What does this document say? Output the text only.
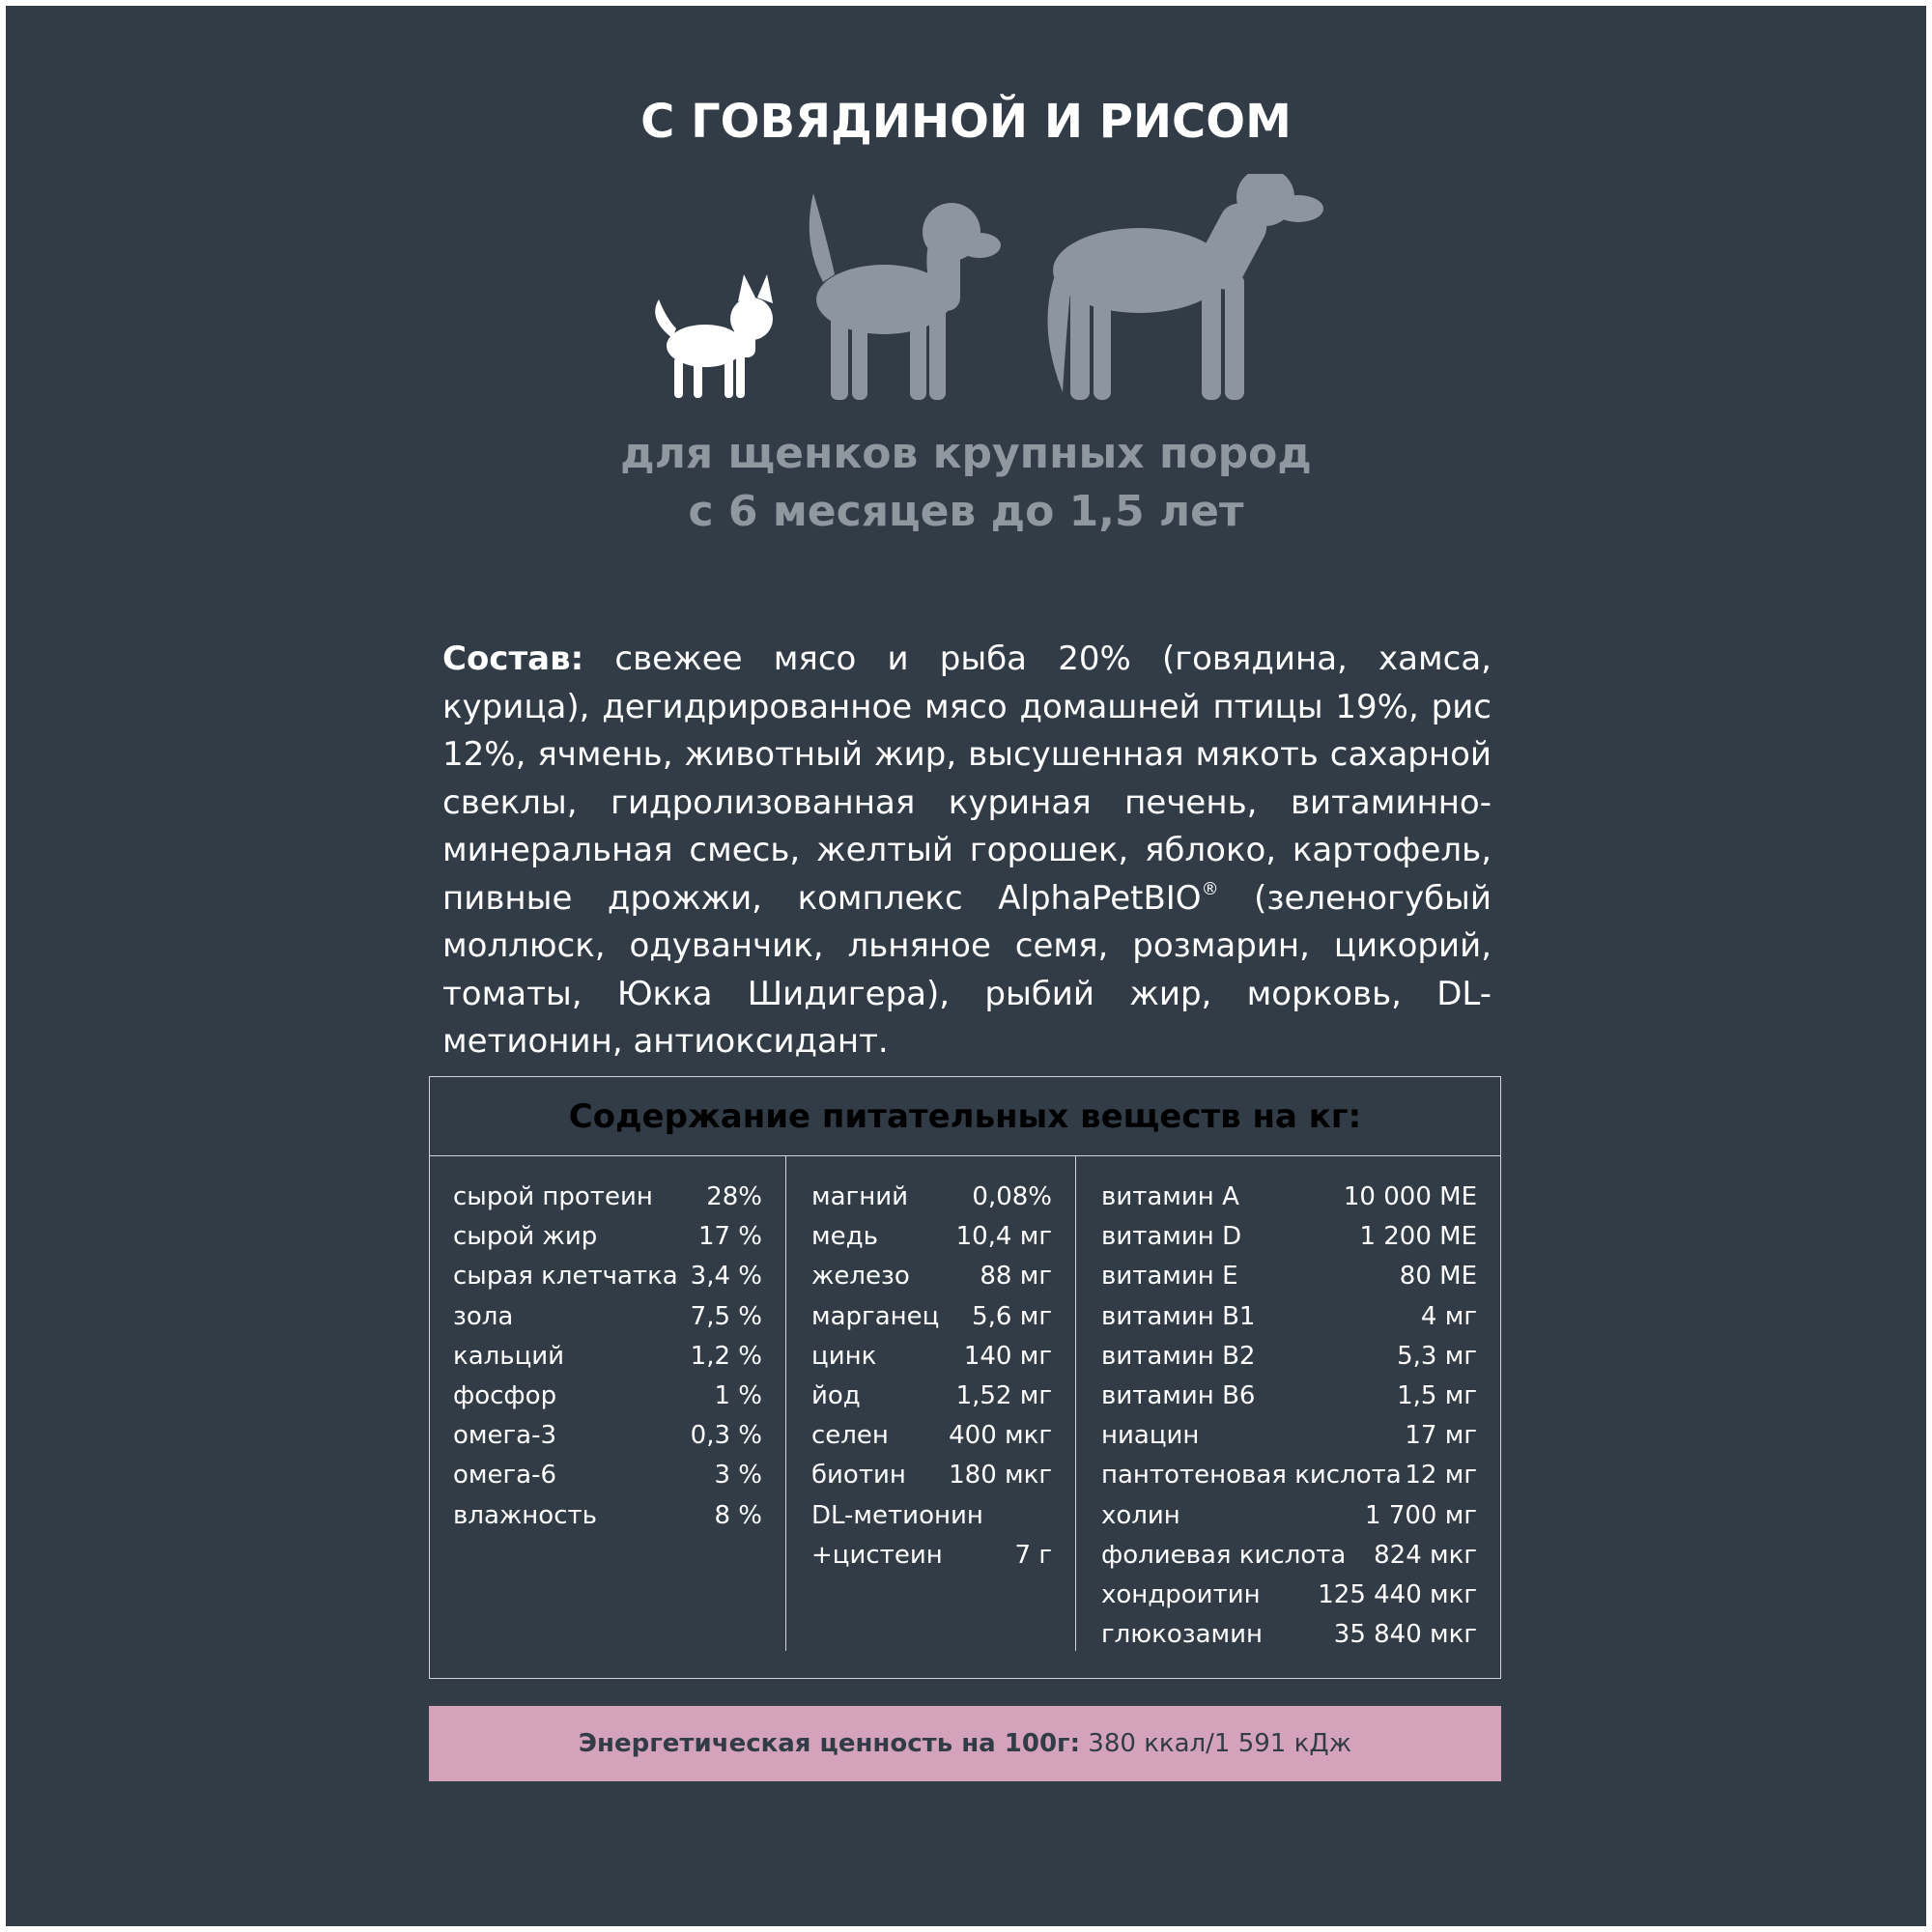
С ГОВЯДИНОЙ И РИСОМ
для щенков крупных пород
с 6 месяцев до 1,5 лет
Состав: свежее мясо и рыба 20% (говядина, хамса, курица), дегидрированное мясо домашней птицы 19%, рис 12%, ячмень, животный жир, высушенная мякоть сахарной свеклы, гидролизованная куриная печень, витаминно-минеральная смесь, желтый горошек, яблоко, картофель, пивные дрожжи, комплекс AlphaPetBIO® (зеленогубый моллюск, одуванчик, льняное семя, розмарин, цикорий, томаты, Юкка Шидигера), рыбий жир, морковь, DL-метионин, антиоксидант.
Содержание питательных веществ на кг:
сырой протеин 28%
сырой жир	17 %
сырая клетчатка 3,4 %
зола	7,5 %
кальций	1,2 %
фосфор	1 %
омега-3	0,3 %
омега-6	3 %
влажность	8 %
магний	0,08%
медь	10,4 мг
железо	88 мг
марганец 5,6 мг
цинк	140 мг
йод	1,52 мг
селен 400 мкг
биотин 180 мкг
DL-метионин
+цистеин	7 г
витамин А	10 000 МЕ
витамин D	1 200 МЕ
витамин Е	80 МЕ
витамин В1	4 мг
витамин В2	5,3 мг
витамин В6	1,5 мг
ниацин	17 мг
пантотеновая кислота 12 мг
холин	1 700 мг
фолиевая кислота 824 мкг
хондроитин 125 440 мкг
глюкозамин	35 840 мкг
Энергетическая ценность на 100г: 380 ккал/1 591 кДж
